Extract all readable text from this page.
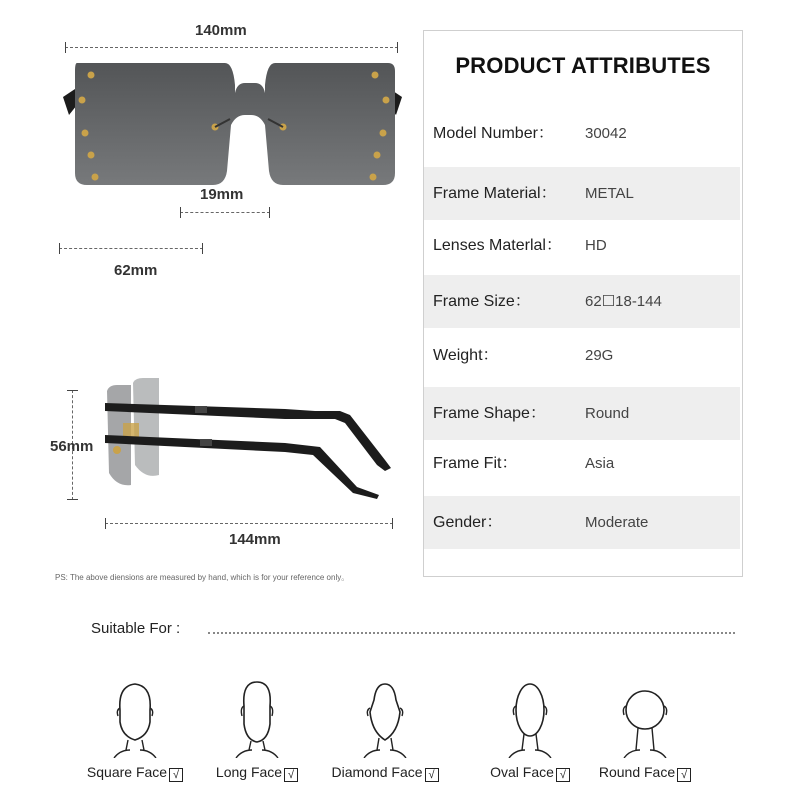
140mm
19mm
62mm
56mm
144mm
PS: The above diensions are measured by hand, which is for your reference only。
PRODUCT ATTRIBUTES
Model Number： 30042
Frame Material： METAL
Lenses Materlal： HD
Frame Size：	62☐18-144
Weight：	29G
Frame Shape：	Round
Frame Fit：	Asia
Gender：	Moderate
Suitable For :
Square Face √	Long Face √	Diamond Face √	Oval Face √	Round Face √
